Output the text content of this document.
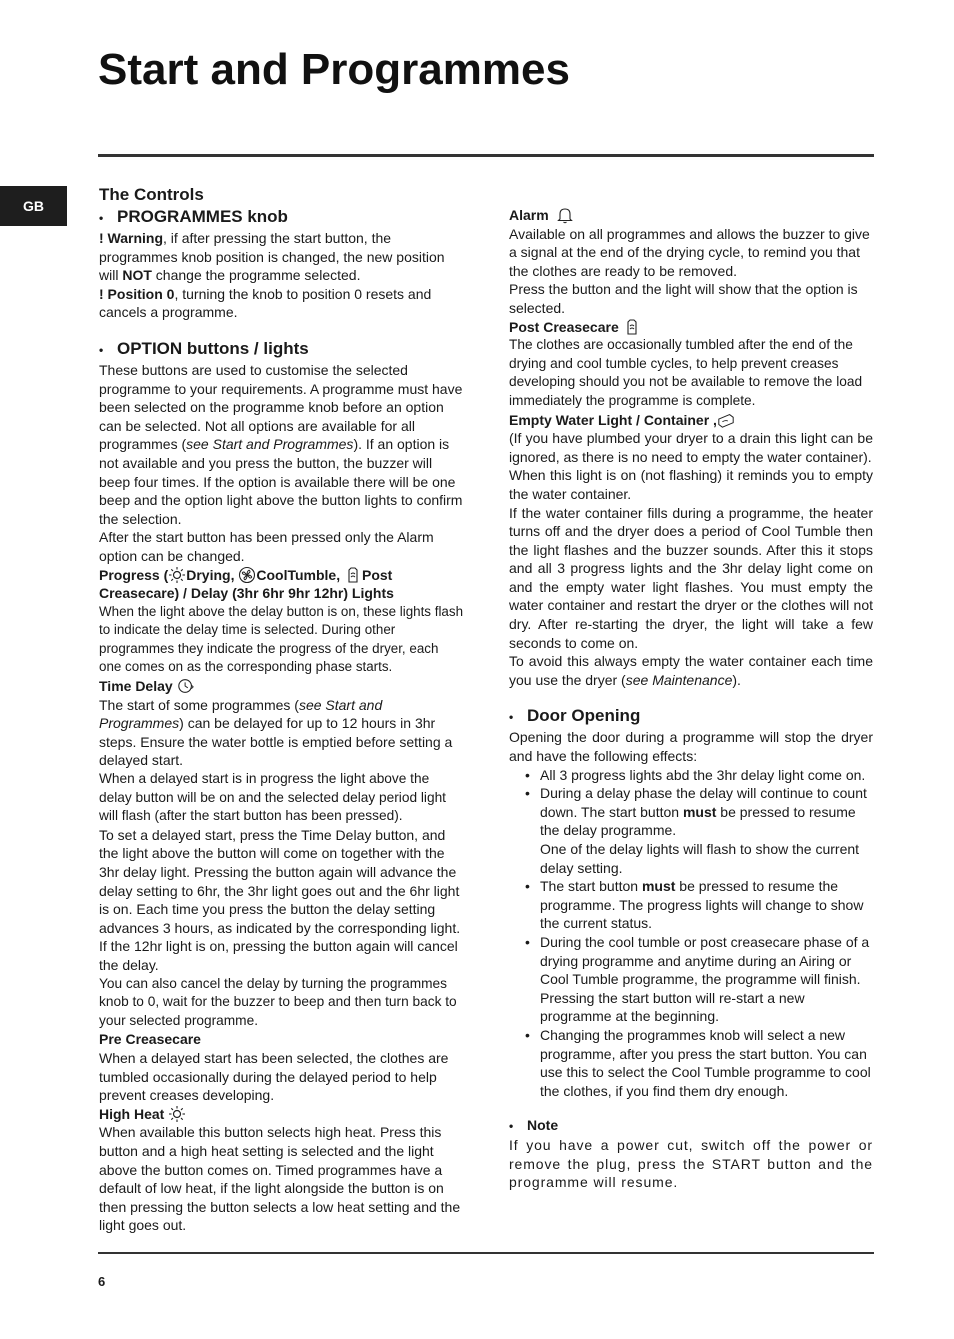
Start and Programmes
GB

The Controls

• PROGRAMMES knob

! Warning, if after pressing the start button, the programmes knob position is changed, the new position will NOT change the programme selected.

! Position 0, turning the knob to position 0 resets and cancels a programme.

• OPTION buttons / lights

These buttons are used to customise the selected programme to your requirements. A programme must have been selected on the programme knob before an option can be selected. Not all options are available for all programmes (see Start and Programmes). If an option is not available and you press the button, the buzzer will beep four times. If the option is available there will be one beep and the option light above the button lights to confirm the selection.

After the start button has been pressed only the Alarm option can be changed.

Progress ( Drying, CoolTumble, Post Creasecare) / Delay (3hr 6hr 9hr 12hr) Lights

When the light above the delay button is on, these lights flash to indicate the delay time is selected. During other programmes they indicate the progress of the dryer, each one comes on as the corresponding phase starts.

Time Delay

The start of some programmes (see Start and Programmes) can be delayed for up to 12 hours in 3hr steps. Ensure the water bottle is emptied before setting a delayed start.

When a delayed start is in progress the light above the delay button will be on and the selected delay period light will flash (after the start button has been pressed).

To set a delayed start, press the Time Delay button, and the light above the button will come on together with the 3hr delay light. Pressing the button again will advance the delay setting to 6hr, the 3hr light goes out and the 6hr light is on. Each time you press the button the delay setting advances 3 hours, as indicated by the corresponding light. If the 12hr light is on, pressing the button again will cancel the delay.

You can also cancel the delay by turning the programmes knob to 0, wait for the buzzer to beep and then turn back to your selected programme.

Pre Creasecare

When a delayed start has been selected, the clothes are tumbled occasionally during the delayed period to help prevent creases developing.

High Heat

When available this button selects high heat. Press this button and a high heat setting is selected and the light above the button comes on. Timed programmes have a default of low heat, if the light alongside the button is on then pressing the button selects a low heat setting and the light goes out.

Alarm

Available on all programmes and allows the buzzer to give a signal at the end of the drying cycle, to remind you that the clothes are ready to be removed.

Press the button and the light will show that the option is selected.

Post Creasecare

The clothes are occasionally tumbled after the end of the drying and cool tumble cycles, to help prevent creases developing should you not be available to remove the load immediately the programme is complete.

Empty Water Light / Container ,

(If you have plumbed your dryer to a drain this light can be ignored, as there is no need to empty the water container).

When this light is on (not flashing) it reminds you to empty the water container.

If the water container fills during a programme, the heater turns off and the dryer does a period of Cool Tumble then the light flashes and the buzzer sounds. After this it stops and all 3 progress lights and the 3hr delay light come on and the empty water light flashes. You must empty the water container and restart the dryer or the clothes will not dry. After re-starting the dryer, the light will take a few seconds to come on.

To avoid this always empty the water container each time you use the dryer (see Maintenance).

• Door Opening

Opening the door during a programme will stop the dryer and have the following effects:

• All 3 progress lights abd the 3hr delay light come on.
• During a delay phase the delay will continue to count down. The start button must be pressed to resume the delay programme.
One of the delay lights will flash to show the current delay setting.
• The start button must be pressed to resume the programme. The progress lights will change to show the current status.
• During the cool tumble or post creasecare phase of a drying programme and anytime during an Airing or Cool Tumble programme, the programme will finish. Pressing the start button will re-start a new programme at the beginning.
• Changing the programmes knob will select a new programme, after you press the start button. You can use this to select the Cool Tumble programme to cool the clothes, if you find them dry enough.
• Note

If you have a power cut, switch off the power or remove the plug, press the START button and the programme will resume.

6
